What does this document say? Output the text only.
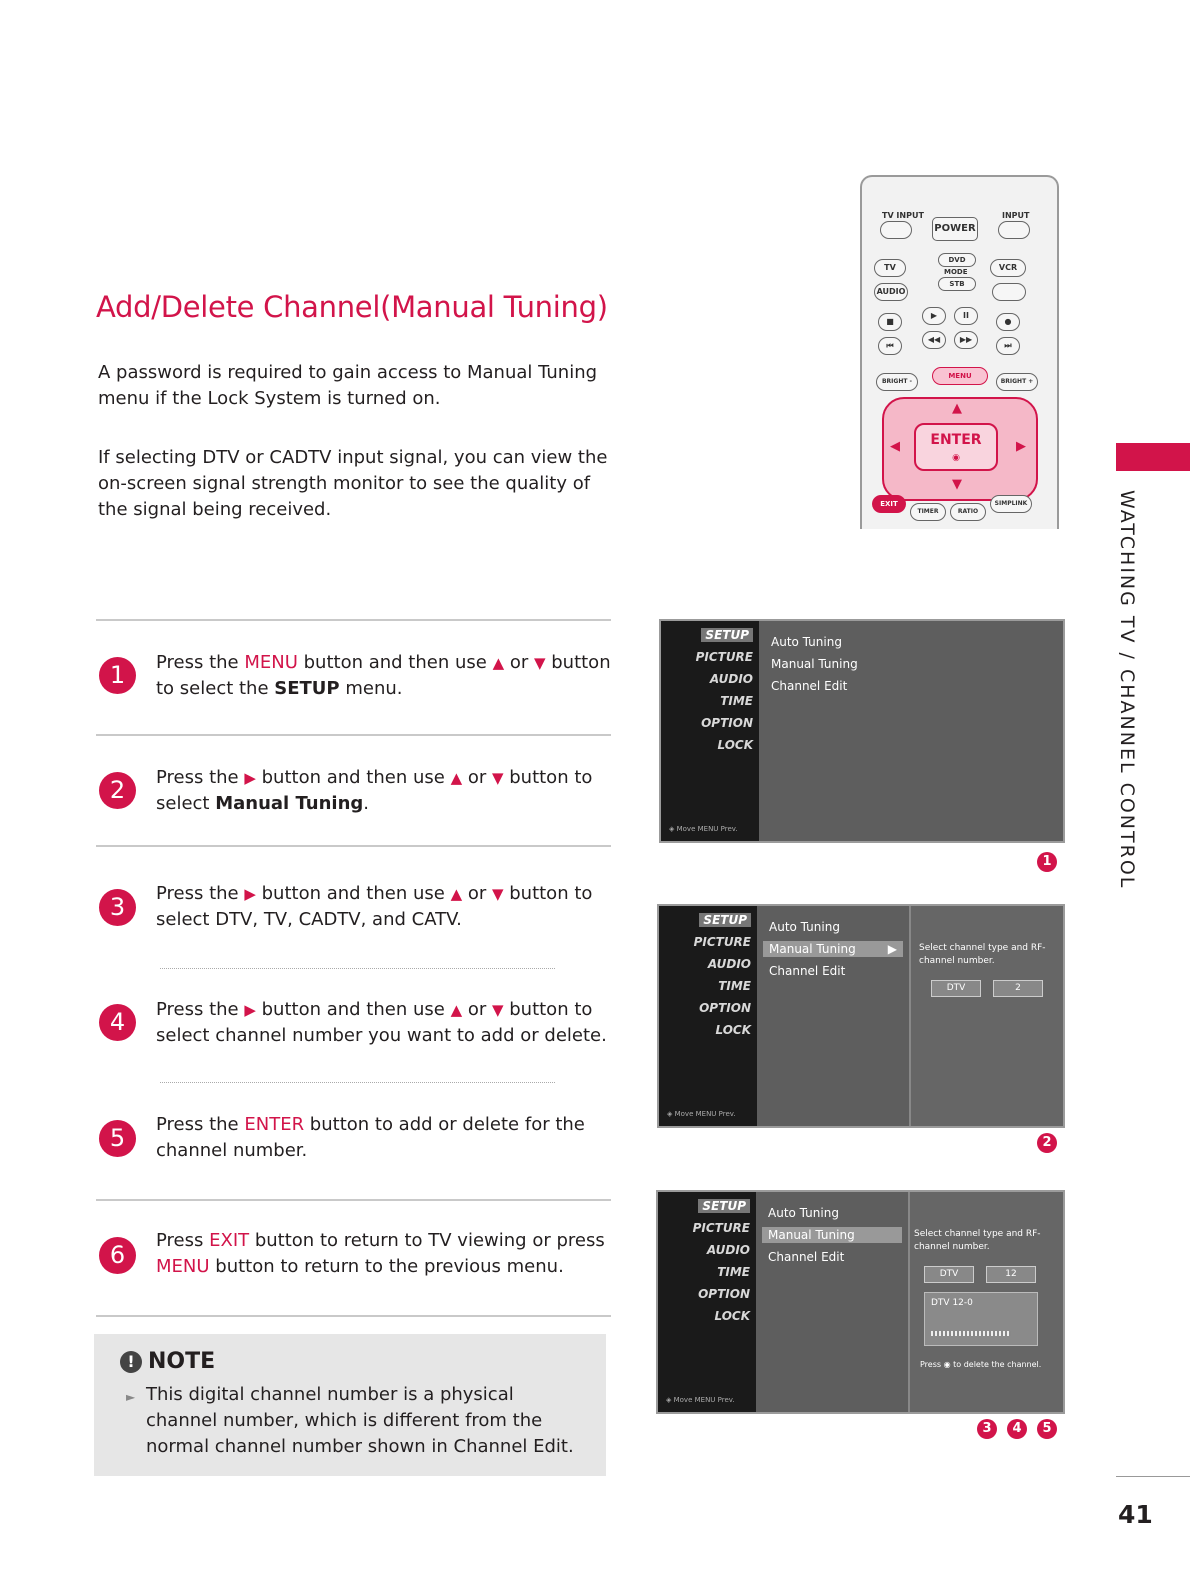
Add/Delete Channel(Manual Tuning)
A password is required to gain access to Manual Tuning menu if the Lock System is turned on.
If selecting DTV or CADTV input signal, you can view the on-screen signal strength monitor to see the quality of the signal being received.	WATCHING TV / CHANNEL CONTROL
41
1	Press the MENU button and then use ▲ or ▼ button to select the SETUP menu.
2	Press the ▶ button and then use ▲ or ▼ button to select Manual Tuning.
3	Press the ▶ button and then use ▲ or ▼ button to select DTV, TV, CADTV, and CATV.
4	Press the ▶ button and then use ▲ or ▼ button to select channel number you want to add or delete.
5	Press the ENTER button to add or delete for the channel number.
6
Press EXIT button to return to TV viewing or press MENU button to return to the previous menu.
! NOTE
► This digital channel number is a physical channel number, which is different from the normal channel number shown in Channel Edit.
TV INPUT	INPUT
POWER
TV
DVD
MODE	VCR
AUDIO
STB
■
▶	II
●
⏮
◀◀	▶▶
⏭
BRIGHT -
MENU
BRIGHT +
▲
▼
◀	▶
ENTER
◉
EXIT
TIMER	RATIO
SIMPLINK
SETUP
PICTURE
AUDIO
TIME
OPTION
LOCK
◈ Move MENU Prev.
Auto Tuning
Manual Tuning
Channel Edit
1
SETUP
PICTURE
AUDIO
TIME
OPTION
LOCK
◈ Move MENU Prev.
Auto Tuning
Manual Tuning	▶
Channel Edit
Select channel type and RF-channel number.
DTV	2
2
SETUP
PICTURE
AUDIO
TIME
OPTION
LOCK
◈ Move MENU Prev.
Auto Tuning
Manual Tuning
Channel Edit
Select channel type and RF-channel number.
DTV	12
DTV 12-0
Press ◉ to delete the channel.
3	4	5
